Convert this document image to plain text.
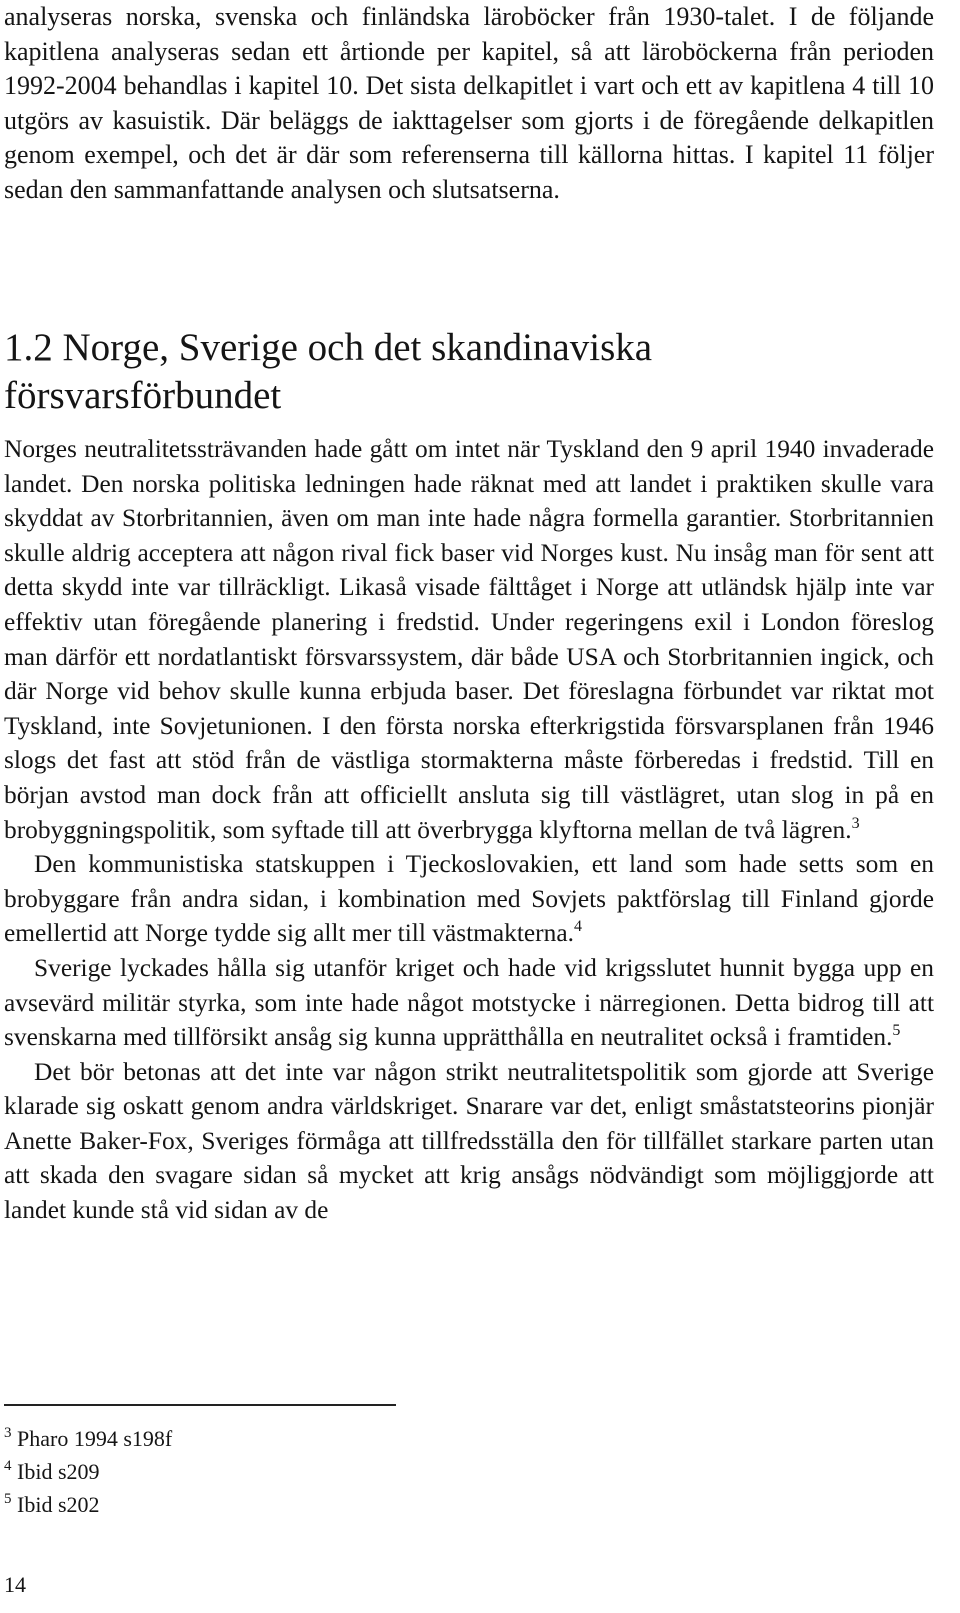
analyseras norska, svenska och finländska läroböcker från 1930-talet. I de följande kapitlena analyseras sedan ett årtionde per kapitel, så att läroböckerna från perioden 1992-2004 behandlas i kapitel 10. Det sista delkapitlet i vart och ett av kapitlena 4 till 10 utgörs av kasuistik. Där beläggs de iakttagelser som gjorts i de föregående delkapitlen genom exempel, och det är där som referenserna till källorna hittas. I kapitel 11 följer sedan den sammanfattande analysen och slutsatserna.

1.2 Norge, Sverige och det skandinaviska försvarsförbundet

Norges neutralitetssträvanden hade gått om intet när Tyskland den 9 april 1940 invaderade landet. Den norska politiska ledningen hade räknat med att landet i praktiken skulle vara skyddat av Storbritannien, även om man inte hade några formella garantier. Storbritannien skulle aldrig acceptera att någon rival fick baser vid Norges kust. Nu insåg man för sent att detta skydd inte var tillräckligt. Likaså visade fälttåget i Norge att utländsk hjälp inte var effektiv utan föregående planering i fredstid. Under regeringens exil i London föreslog man därför ett nordatlantiskt försvarssystem, där både USA och Storbritannien ingick, och där Norge vid behov skulle kunna erbjuda baser. Det föreslagna förbundet var riktat mot Tyskland, inte Sovjetunionen. I den första norska efterkrigstida försvarsplanen från 1946 slogs det fast att stöd från de västliga stormakterna måste förberedas i fredstid. Till en början avstod man dock från att officiellt ansluta sig till västlägret, utan slog in på en brobyggningspolitik, som syftade till att överbrygga klyftorna mellan de två lägren.$^3$

Den kommunistiska statskuppen i Tjeckoslovakien, ett land som hade setts som en brobyggare från andra sidan, i kombination med Sovjets paktförslag till Finland gjorde emellertid att Norge tydde sig allt mer till västmakterna.$^4$

Sverige lyckades hålla sig utanför kriget och hade vid krigsslutet hunnit bygga upp en avsevärd militär styrka, som inte hade något motstycke i närregionen. Detta bidrog till att svenskarna med tillförsikt ansåg sig kunna upprätthålla en neutralitet också i framtiden.$^5$

Det bör betonas att det inte var någon strikt neutralitetspolitik som gjorde att Sverige klarade sig oskatt genom andra världskriget. Snarare var det, enligt småstatsteorins pionjär Anette Baker-Fox, Sveriges förmåga att tillfredsställa den för tillfället starkare parten utan att skada den svagare sidan så mycket att krig ansågs nödvändigt som möjliggjorde att landet kunde stå vid sidan av de

$^3$ Pharo 1994 s198f
$^4$ Ibid s209
$^5$ Ibid s202
14
